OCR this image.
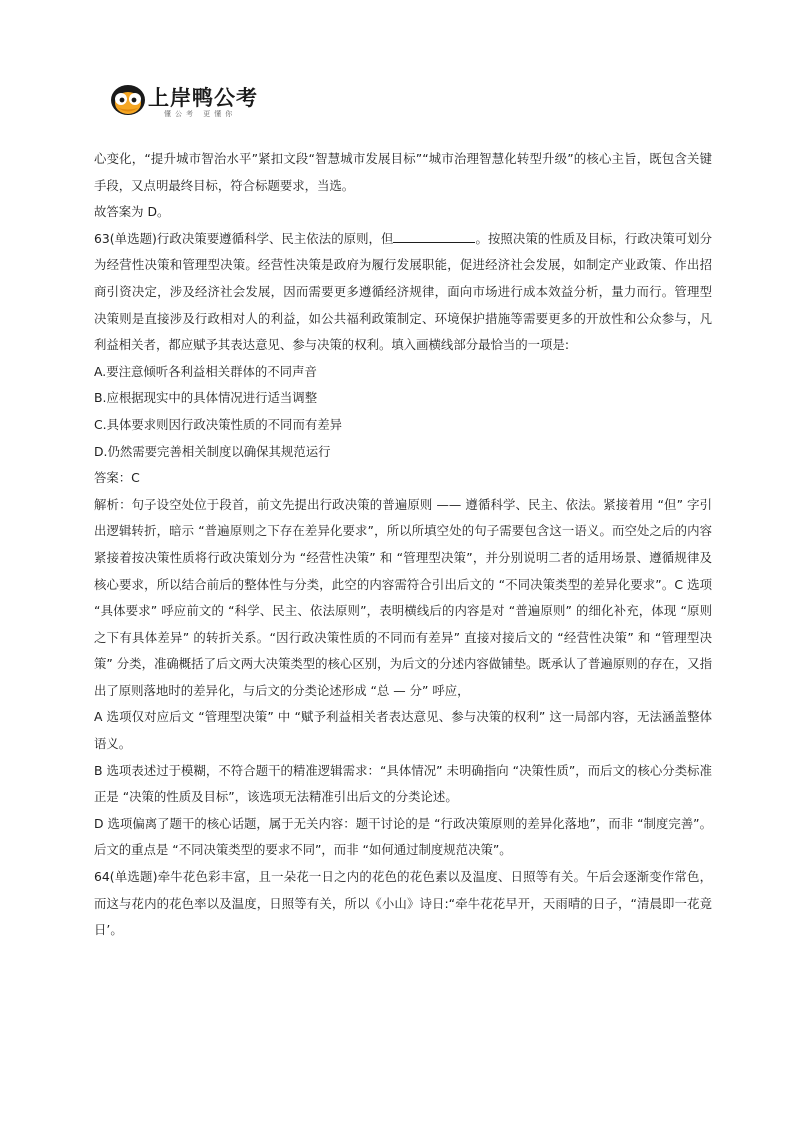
上岸鸭公考
懂公考 更懂你

心变化，“提升城市智治水平”紧扣文段“智慧城市发展目标”“城市治理智慧化转型升级”的核心主旨，既包含关键手段，又点明最终目标，符合标题要求，当选。

故答案为 D。

63(单选题)行政决策要遵循科学、民主依法的原则，但	。按照决策的性质及目标，行政决策可划分为经营性决策和管理型决策。经营性决策是政府为履行发展职能，促进经济社会发展，如制定产业政策、作出招商引资决定，涉及经济社会发展，因而需要更多遵循经济规律，面向市场进行成本效益分析，量力而行。管理型决策则是直接涉及行政相对人的利益，如公共福利政策制定、环境保护措施等需要更多的开放性和公众参与，凡利益相关者，都应赋予其表达意见、参与决策的权利。填入画横线部分最恰当的一项是:

A.要注意倾听各利益相关群体的不同声音

B.应根据现实中的具体情况进行适当调整

C.具体要求则因行政决策性质的不同而有差异

D.仍然需要完善相关制度以确保其规范运行

答案：C

解析：句子设空处位于段首，前文先提出行政决策的普遍原则 —— 遵循科学、民主、依法。紧接着用 “但” 字引出逻辑转折，暗示 “普遍原则之下存在差异化要求”，所以所填空处的句子需要包含这一语义。而空处之后的内容紧接着按决策性质将行政决策划分为 “经营性决策” 和 “管理型决策”，并分别说明二者的适用场景、遵循规律及核心要求，所以结合前后的整体性与分类，此空的内容需符合引出后文的 “不同决策类型的差异化要求”。C 选项 “具体要求” 呼应前文的 “科学、民主、依法原则”，表明横线后的内容是对 “普遍原则” 的细化补充，体现 “原则之下有具体差异” 的转折关系。“因行政决策性质的不同而有差异” 直接对接后文的 “经营性决策” 和 “管理型决策” 分类，准确概括了后文两大决策类型的核心区别，为后文的分述内容做铺垫。既承认了普遍原则的存在，又指出了原则落地时的差异化，与后文的分类论述形成 “总 — 分” 呼应，

A 选项仅对应后文 “管理型决策” 中 “赋予利益相关者表达意见、参与决策的权利” 这一局部内容，无法涵盖整体语义。

B 选项表述过于模糊，不符合题干的精准逻辑需求：“具体情况” 未明确指向 “决策性质”，而后文的核心分类标准正是 “决策的性质及目标”，该选项无法精准引出后文的分类论述。

D 选项偏离了题干的核心话题，属于无关内容：题干讨论的是 “行政决策原则的差异化落地”，而非 “制度完善”。后文的重点是 “不同决策类型的要求不同”，而非 “如何通过制度规范决策”。

64(单选题)牵牛花色彩丰富，且一朵花一日之内的花色的花色素以及温度、日照等有关。午后会逐渐变作常色，而这与花内的花色率以及温度，日照等有关，所以《小山》诗日:“牵牛花花早开，天雨晴的日子，“清晨即一花竟日’。
